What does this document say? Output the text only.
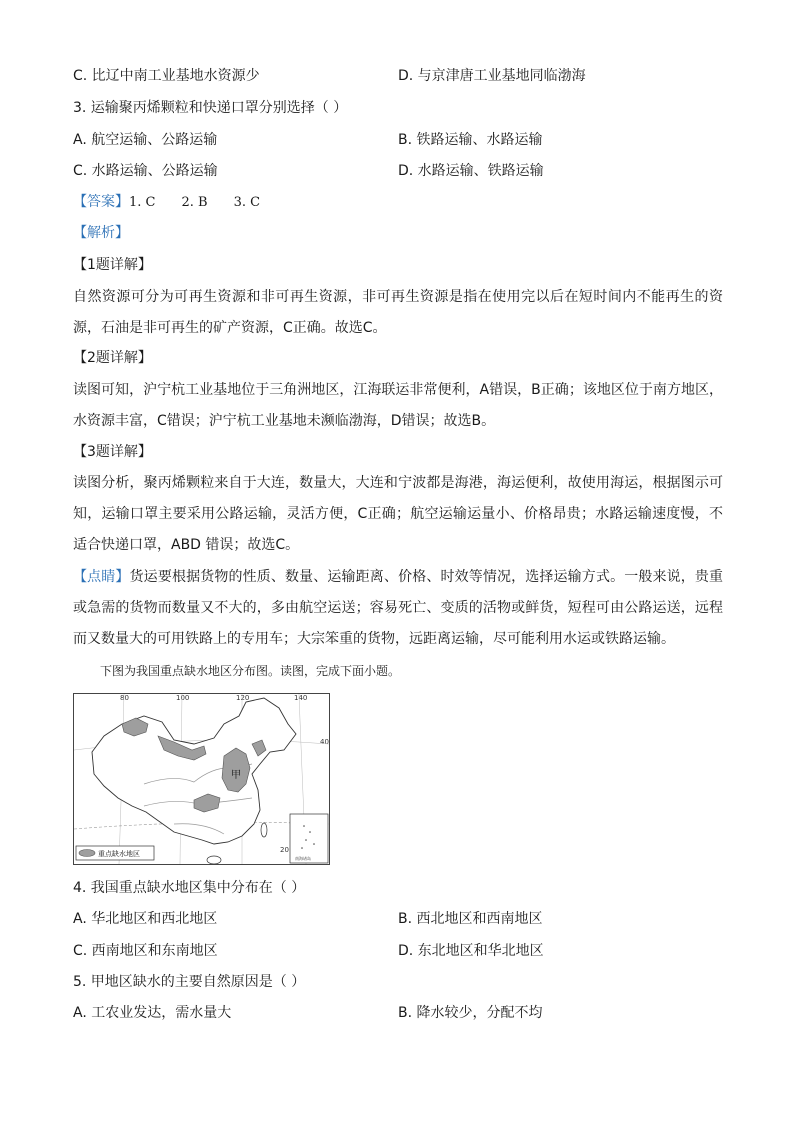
C. 比辽中南工业基地水资源少	D. 与京津唐工业基地同临渤海
3. 运输聚丙烯颗粒和快递口罩分别选择（ ）
A. 航空运输、公路运输	B. 铁路运输、水路运输
C. 水路运输、公路运输	D. 水路运输、铁路运输
【答案】1. C 2. B 3. C
【解析】
【1题详解】
自然资源可分为可再生资源和非可再生资源，非可再生资源是指在使用完以后在短时间内不能再生的资源，石油是非可再生的矿产资源，C正确。故选C。
【2题详解】
读图可知，沪宁杭工业基地位于三角洲地区，江海联运非常便利，A错误，B正确；该地区位于南方地区，水资源丰富，C错误；沪宁杭工业基地未濒临渤海，D错误；故选B。
【3题详解】
读图分析，聚丙烯颗粒来自于大连，数量大，大连和宁波都是海港，海运便利，故使用海运，根据图示可知，运输口罩主要采用公路运输，灵活方便，C正确；航空运输运量小、价格昂贵；水路运输速度慢，不适合快递口罩，ABD 错误；故选C。
【点睛】货运要根据货物的性质、数量、运输距离、价格、时效等情况，选择运输方式。一般来说，贵重或急需的货物而数量又不大的，多由航空运送；容易死亡、变质的活物或鲜货，短程可由公路运送，远程而又数量大的可用铁路上的专用车；大宗笨重的货物，远距离运输，尽可能利用水运或铁路运输。
下图为我国重点缺水地区分布图。读图，完成下面小题。
80	100	120	140
40
20
甲
南海诸岛
重点缺水地区
4. 我国重点缺水地区集中分布在（ ）
A. 华北地区和西北地区	B. 西北地区和西南地区
C. 西南地区和东南地区	D. 东北地区和华北地区
5. 甲地区缺水的主要自然原因是（ ）
A. 工农业发达，需水量大	B. 降水较少，分配不均
